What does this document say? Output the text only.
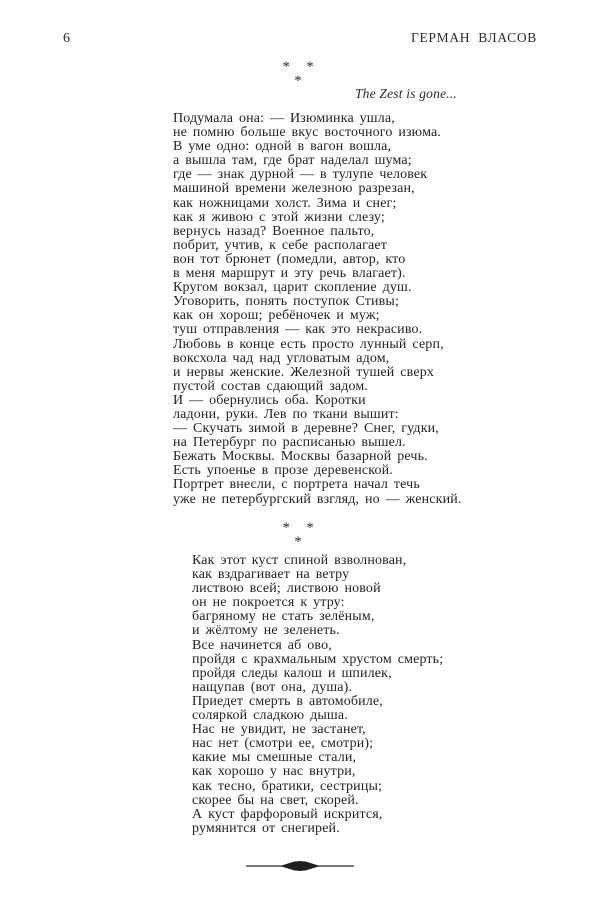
6	ГЕРМАН ВЛАСОВ
* *
*
The Zest is gone...
Подумала она: — Изюминка ушла,
не помню больше вкус восточного изюма.
В уме одно: одной в вагон вошла,
а вышла там, где брат наделал шума;
где — знак дурной — в тулупе человек
машиной времени железною разрезан,
как ножницами холст. Зима и снег;
как я живою с этой жизни слезу;
вернусь назад? Военное пальто,
побрит, учтив, к себе располагает
вон тот брюнет (помедли, автор, кто
в меня маршрут и эту речь влагает).
Кругом вокзал, царит скопление душ.
Уговорить, понять поступок Стивы;
как он хорош; ребёночек и муж;
туш отправления — как это некрасиво.
Любовь в конце есть просто лунный серп,
воксхола чад над угловатым адом,
и нервы женские. Железной тушей сверх
пустой состав сдающий задом.
И — обернулись оба. Коротки
ладони, руки. Лев по ткани вышит:
— Скучать зимой в деревне? Снег, гудки,
на Петербург по расписанью вышел.
Бежать Москвы. Москвы базарной речь.
Есть упоенье в прозе деревенской.
Портрет внесли, с портрета начал течь
уже не петербургский взгляд, но — женский.
* *
*
Как этот куст спиной взволнован,
как вздрагивает на ветру
листвою всей; листвою новой
он не покроется к утру:
багряному не стать зелёным,
и жёлтому не зеленеть.
Все начинется аб ово,
пройдя с крахмальным хрустом смерть;
пройдя следы калош и шпилек,
нащупав (вот она, душа).
Приедет смерть в автомобиле,
соляркой сладкою дыша.
Нас не увидит, не застанет,
нас нет (смотри ее, смотри);
какие мы смешные стали,
как хорошо у нас внутри,
как тесно, братики, сестрицы;
скорее бы на свет, скорей.
А куст фарфоровый искрится,
румянится от снегирей.
